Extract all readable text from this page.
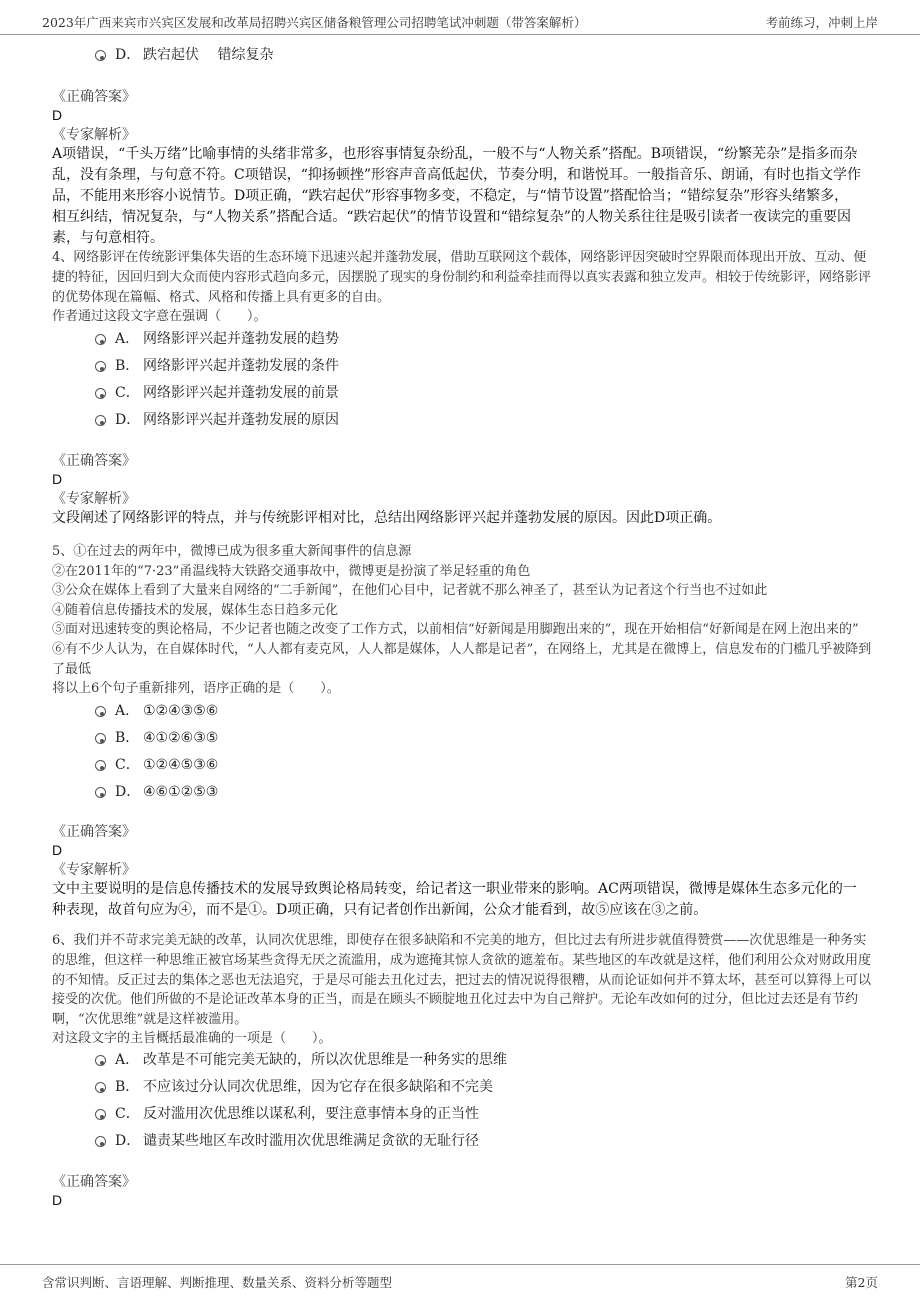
2023年广西来宾市兴宾区发展和改革局招聘兴宾区储备粮管理公司招聘笔试冲刺题（带答案解析）	考前练习，冲刺上岸
D． 跌宕起伏　 错综复杂
《正确答案》
D
《专家解析》

A项错误，“千头万绪”比喻事情的头绪非常多，也形容事情复杂纷乱，一般不与“人物关系”搭配。B项错误，“纷繁芜杂”是指多而杂乱，没有条理，与句意不符。C项错误，“抑扬顿挫”形容声音高低起伏，节奏分明，和谐悦耳。一般指音乐、朗诵，有时也指文学作品，不能用来形容小说情节。D项正确，“跌宕起伏”形容事物多变，不稳定，与“情节设置”搭配恰当；“错综复杂”形容头绪繁多，相互纠结，情况复杂，与“人物关系”搭配合适。“跌宕起伏”的情节设置和“错综复杂”的人物关系往往是吸引读者一夜读完的重要因素，与句意相符。

4、网络影评在传统影评集体失语的生态环境下迅速兴起并蓬勃发展，借助互联网这个载体，网络影评因突破时空界限而体现出开放、互动、便捷的特征，因回归到大众而使内容形式趋向多元，因摆脱了现实的身份制约和利益牵挂而得以真实表露和独立发声。相较于传统影评，网络影评的优势体现在篇幅、格式、风格和传播上具有更多的自由。

作者通过这段文字意在强调（　　）。

A． 网络影评兴起并蓬勃发展的趋势
B． 网络影评兴起并蓬勃发展的条件
C． 网络影评兴起并蓬勃发展的前景
D． 网络影评兴起并蓬勃发展的原因
《正确答案》
D
《专家解析》

文段阐述了网络影评的特点，并与传统影评相对比，总结出网络影评兴起并蓬勃发展的原因。因此D项正确。

5、①在过去的两年中，微博已成为很多重大新闻事件的信息源

②在2011年的“7·23”甬温线特大铁路交通事故中，微博更是扮演了举足轻重的角色

③公众在媒体上看到了大量来自网络的“二手新闻”，在他们心目中，记者就不那么神圣了，甚至认为记者这个行当也不过如此

④随着信息传播技术的发展，媒体生态日趋多元化

⑤面对迅速转变的舆论格局，不少记者也随之改变了工作方式，以前相信“好新闻是用脚跑出来的”，现在开始相信“好新闻是在网上泡出来的”

⑥有不少人认为，在自媒体时代，“人人都有麦克风，人人都是媒体，人人都是记者”，在网络上，尤其是在微博上，信息发布的门槛几乎被降到了最低

将以上6个句子重新排列，语序正确的是（　　）。

A． ①②④③⑤⑥
B． ④①②⑥③⑤
C． ①②④⑤③⑥
D． ④⑥①②⑤③
《正确答案》
D
《专家解析》

文中主要说明的是信息传播技术的发展导致舆论格局转变，给记者这一职业带来的影响。AC两项错误，微博是媒体生态多元化的一种表现，故首句应为④，而不是①。D项正确，只有记者创作出新闻，公众才能看到，故⑤应该在③之前。

6、我们并不苛求完美无缺的改革，认同次优思维，即使存在很多缺陷和不完美的地方，但比过去有所进步就值得赞赏——次优思维是一种务实的思维，但这样一种思维正被官场某些贪得无厌之流滥用，成为遮掩其惊人贪欲的遮羞布。某些地区的车改就是这样，他们利用公众对财政用度的不知情。反正过去的集体之恶也无法追究，于是尽可能去丑化过去，把过去的情况说得很糟，从而论证如何并不算太坏，甚至可以算得上可以接受的次优。他们所做的不是论证改革本身的正当，而是在顾头不顾腚地丑化过去中为自己辩护。无论车改如何的过分，但比过去还是有节约啊，“次优思维”就是这样被滥用。

对这段文字的主旨概括最准确的一项是（　　）。

A． 改革是不可能完美无缺的，所以次优思维是一种务实的思维
B． 不应该过分认同次优思维，因为它存在很多缺陷和不完美
C． 反对滥用次优思维以谋私利，要注意事情本身的正当性
D． 谴责某些地区车改时滥用次优思维满足贪欲的无耻行径
《正确答案》
D
含常识判断、言语理解、判断推理、数量关系、资料分析等题型	第2页
